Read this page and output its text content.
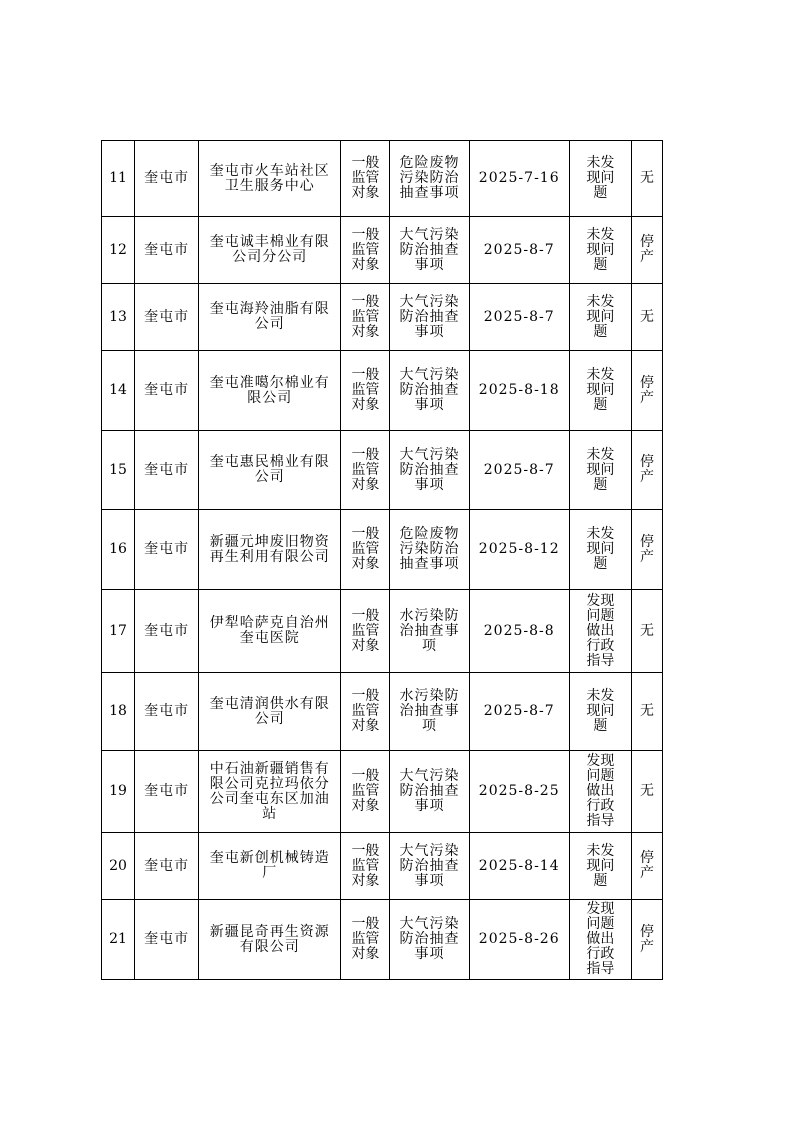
11	奎屯市	奎屯市火车站社区卫生服务中心	一般监管对象	危险废物污染防治抽查事项	2025-7-16	未发现问题	无

12	奎屯市	奎屯诚丰棉业有限公司分公司	一般监管对象	大气污染防治抽查事项	2025-8-7	未发现问题	停产

13	奎屯市	奎屯海羚油脂有限公司	一般监管对象	大气污染防治抽查事项	2025-8-7	未发现问题	无

14	奎屯市	奎屯准噶尔棉业有限公司	一般监管对象	大气污染防治抽查事项	2025-8-18	未发现问题	停产

15	奎屯市	奎屯惠民棉业有限公司	一般监管对象	大气污染防治抽查事项	2025-8-7	未发现问题	停产

16	奎屯市	新疆元坤废旧物资再生利用有限公司	一般监管对象	危险废物污染防治抽查事项	2025-8-12	未发现问题	停产

17	奎屯市	伊犁哈萨克自治州奎屯医院	一般监管对象	水污染防治抽查事项	2025-8-8	发现问题做出行政指导	无

18	奎屯市	奎屯清润供水有限公司	一般监管对象	水污染防治抽查事项	2025-8-7	未发现问题	无

19	奎屯市	中石油新疆销售有限公司克拉玛依分公司奎屯东区加油站	一般监管对象	大气污染防治抽查事项	2025-8-25	发现问题做出行政指导	无

20	奎屯市	奎屯新创机械铸造厂	一般监管对象	大气污染防治抽查事项	2025-8-14	未发现问题	停产

21	奎屯市	新疆昆奇再生资源有限公司	一般监管对象	大气污染防治抽查事项	2025-8-26	发现问题做出行政指导	停产
